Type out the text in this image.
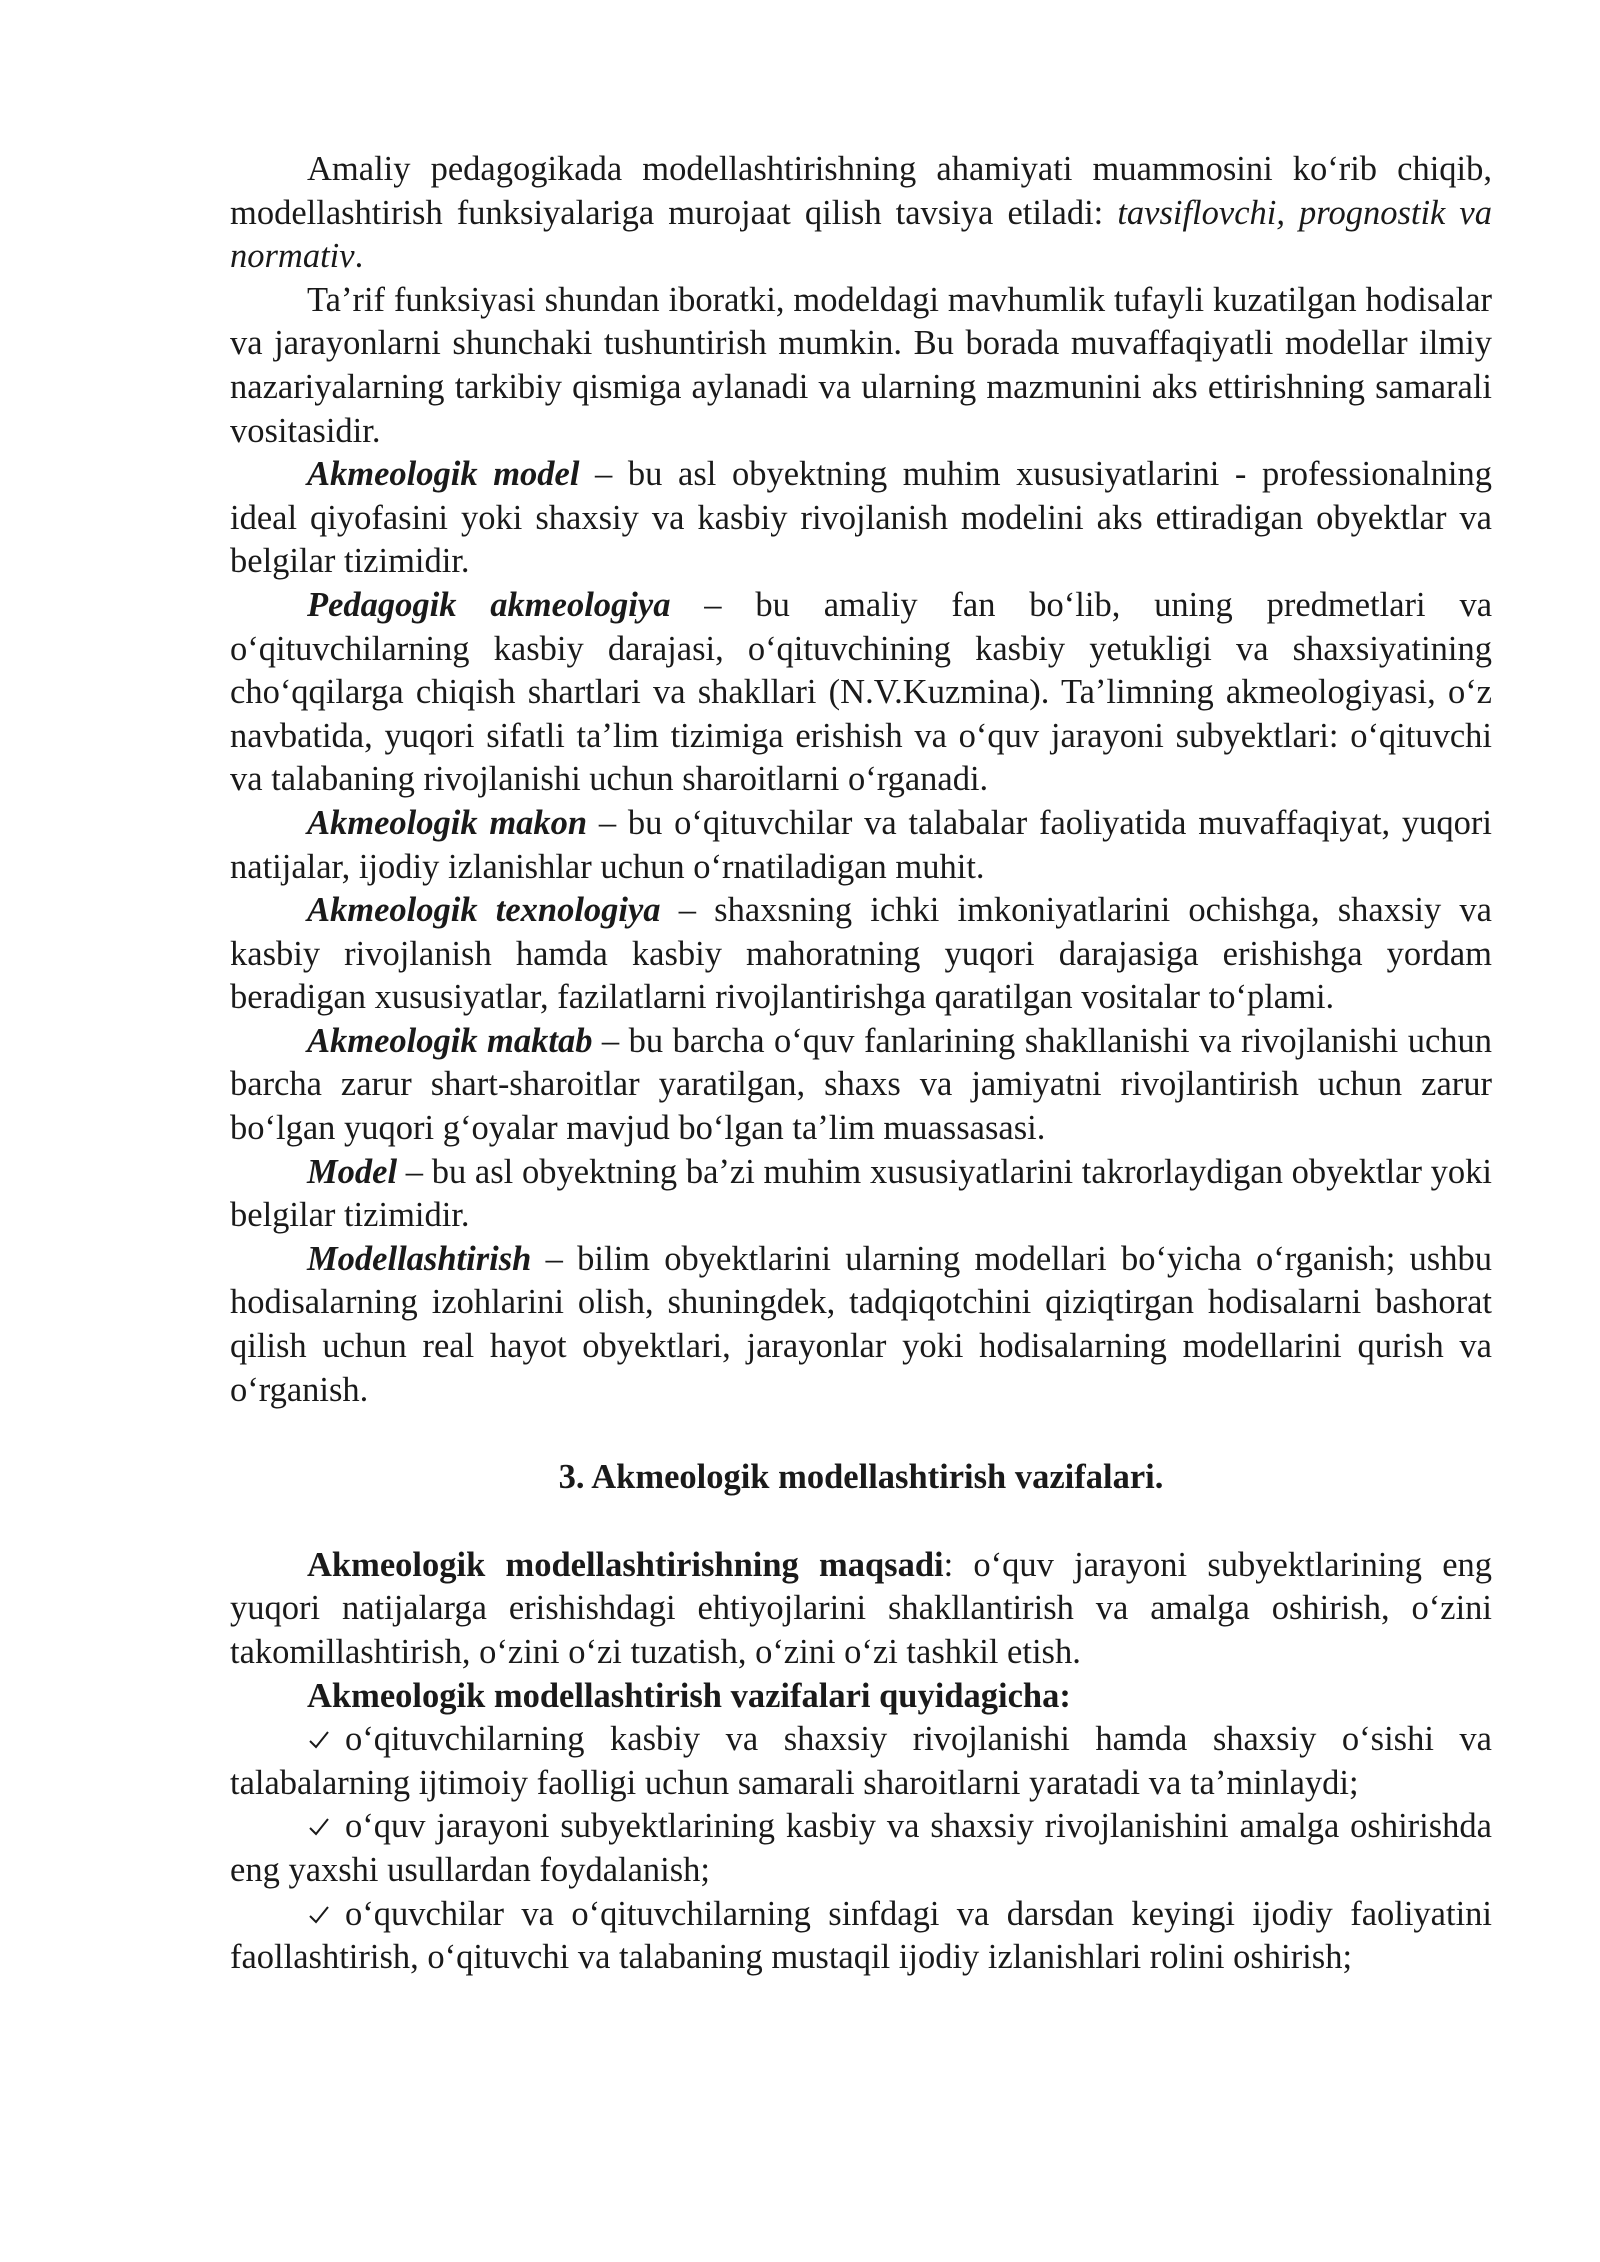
Amaliy pedagogikada modellashtirishning ahamiyati muammosini koʻrib chiqib, modellashtirish funksiyalariga murojaat qilish tavsiya etiladi: tavsiflovchi, prognostik va normativ.

Taʼrif funksiyasi shundan iboratki, modeldagi mavhumlik tufayli kuzatilgan hodisalar va jarayonlarni shunchaki tushuntirish mumkin. Bu borada muvaffaqiyatli modellar ilmiy nazariyalarning tarkibiy qismiga aylanadi va ularning mazmunini aks ettirishning samarali vositasidir.

Akmeologik model – bu asl obyektning muhim xususiyatlarini - professionalning ideal qiyofasini yoki shaxsiy va kasbiy rivojlanish modelini aks ettiradigan obyektlar va belgilar tizimidir.

Pedagogik akmeologiya – bu amaliy fan boʻlib, uning predmetlari va oʻqituvchilarning kasbiy darajasi, oʻqituvchining kasbiy yetukligi va shaxsiyatining choʻqqilarga chiqish shartlari va shakllari (N.V.Kuzmina). Taʼlimning akmeologiyasi, oʻz navbatida, yuqori sifatli taʼlim tizimiga erishish va oʻquv jarayoni subyektlari: oʻqituvchi va talabaning rivojlanishi uchun sharoitlarni oʻrganadi.

Akmeologik makon – bu oʻqituvchilar va talabalar faoliyatida muvaffaqiyat, yuqori natijalar, ijodiy izlanishlar uchun oʻrnatiladigan muhit.

Akmeologik texnologiya – shaxsning ichki imkoniyatlarini ochishga, shaxsiy va kasbiy rivojlanish hamda kasbiy mahoratning yuqori darajasiga erishishga yordam beradigan xususiyatlar, fazilatlarni rivojlantirishga qaratilgan vositalar toʻplami.

Akmeologik maktab – bu barcha oʻquv fanlarining shakllanishi va rivojlanishi uchun barcha zarur shart-sharoitlar yaratilgan, shaxs va jamiyatni rivojlantirish uchun zarur boʻlgan yuqori gʻoyalar mavjud boʻlgan taʼlim muassasasi.

Model – bu asl obyektning baʼzi muhim xususiyatlarini takrorlaydigan obyektlar yoki belgilar tizimidir.

Modellashtirish – bilim obyektlarini ularning modellari boʻyicha oʻrganish; ushbu hodisalarning izohlarini olish, shuningdek, tadqiqotchini qiziqtirgan hodisalarni bashorat qilish uchun real hayot obyektlari, jarayonlar yoki hodisalarning modellarini qurish va oʻrganish.

3. Akmeologik modellashtirish vazifalari.

Akmeologik modellashtirishning maqsadi: oʻquv jarayoni subyektlarining eng yuqori natijalarga erishishdagi ehtiyojlarini shakllantirish va amalga oshirish, oʻzini takomillashtirish, oʻzini oʻzi tuzatish, oʻzini oʻzi tashkil etish.

Akmeologik modellashtirish vazifalari quyidagicha:

oʻqituvchilarning kasbiy va shaxsiy rivojlanishi hamda shaxsiy oʻsishi va talabalarning ijtimoiy faolligi uchun samarali sharoitlarni yaratadi va taʼminlaydi;

oʻquv jarayoni subyektlarining kasbiy va shaxsiy rivojlanishini amalga oshirishda eng yaxshi usullardan foydalanish;

oʻquvchilar va oʻqituvchilarning sinfdagi va darsdan keyingi ijodiy faoliyatini faollashtirish, oʻqituvchi va talabaning mustaqil ijodiy izlanishlari rolini oshirish;
